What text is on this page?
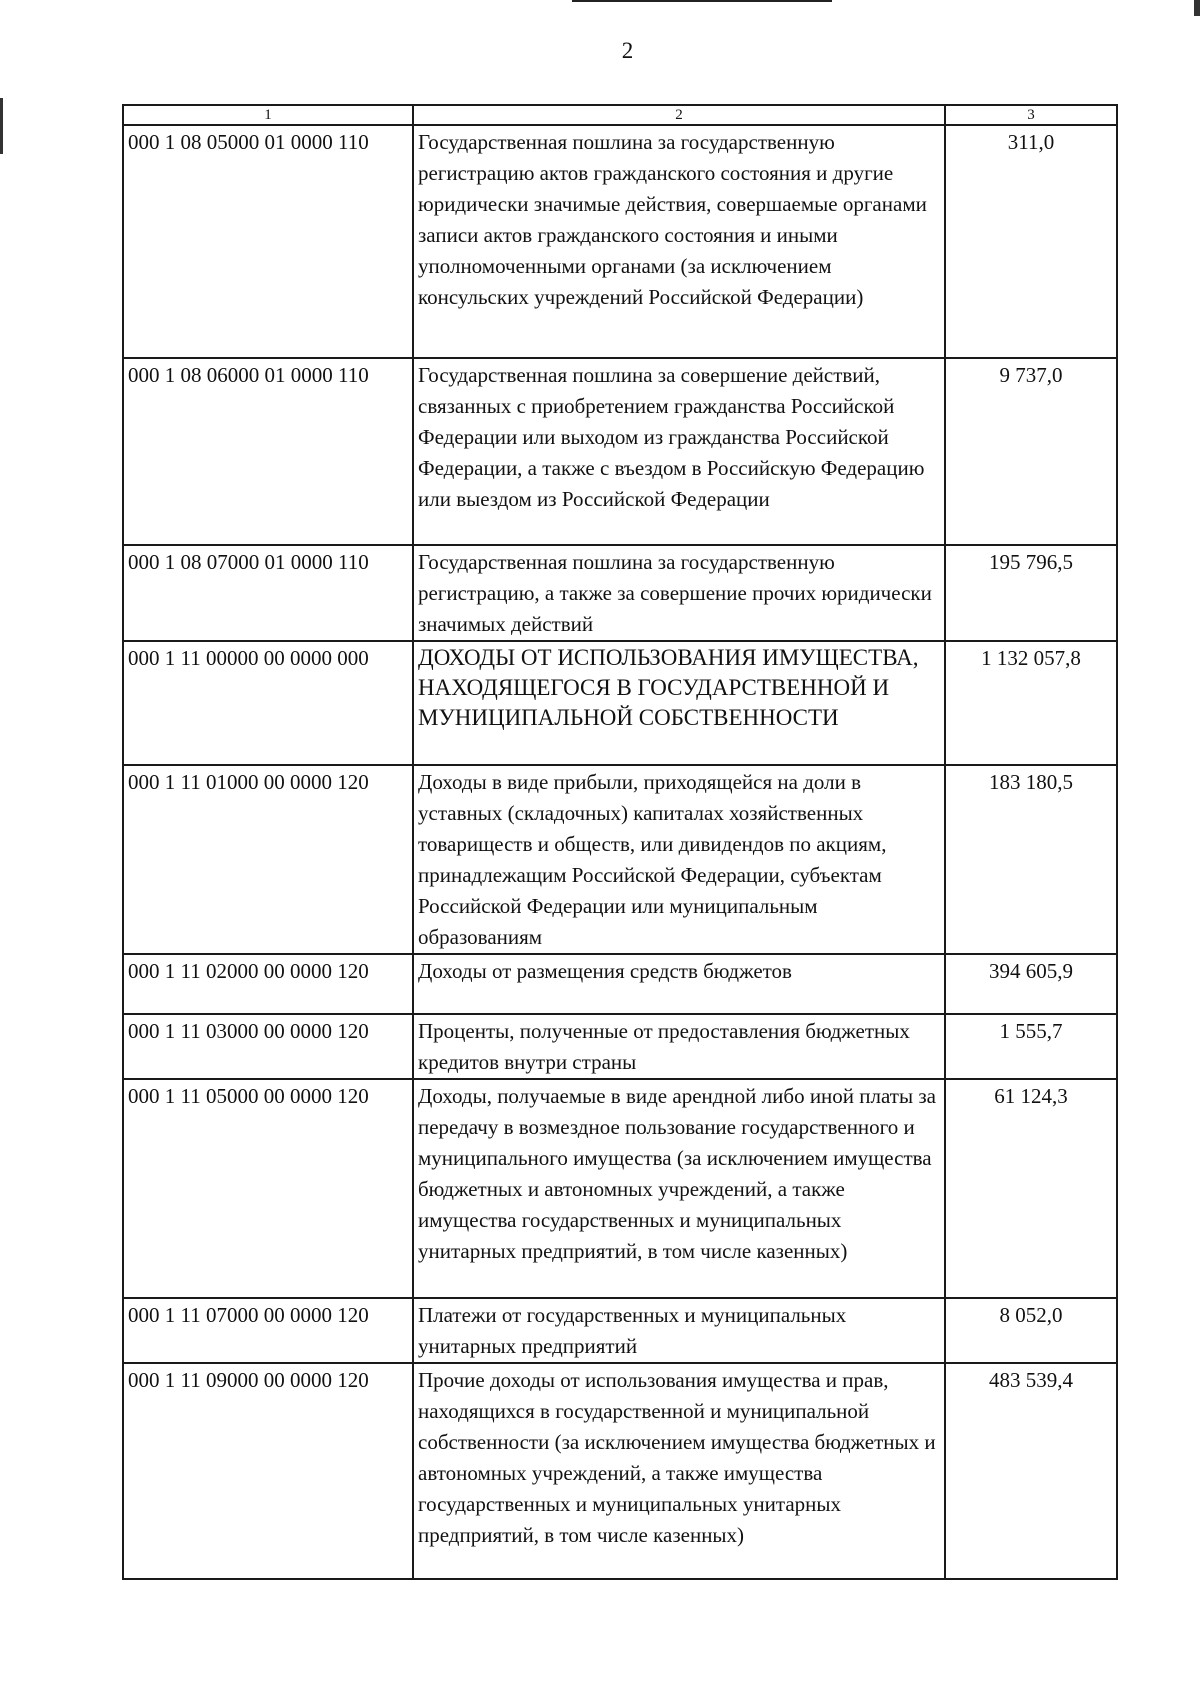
2
1	2	3
000 1 08 05000 01 0000 110	Государственная пошлина за государственную регистрацию актов гражданского состояния и другие юридически значимые действия, совершаемые органами записи актов гражданского состояния и иными уполномоченными органами (за исключением консульских учреждений Российской Федерации)	311,0
000 1 08 06000 01 0000 110	Государственная пошлина за совершение действий, связанных с приобретением гражданства Российской Федерации или выходом из гражданства Российской Федерации, а также с въездом в Российскую Федерацию или выездом из Российской Федерации	9 737,0
000 1 08 07000 01 0000 110	Государственная пошлина за государственную регистрацию, а также за совершение прочих юридически значимых действий	195 796,5
000 1 11 00000 00 0000 000	ДОХОДЫ ОТ ИСПОЛЬЗОВАНИЯ ИМУЩЕСТВА, НАХОДЯЩЕГОСЯ В ГОСУДАРСТВЕННОЙ И МУНИЦИПАЛЬНОЙ СОБСТВЕННОСТИ	1 132 057,8
000 1 11 01000 00 0000 120	Доходы в виде прибыли, приходящейся на доли в уставных (складочных) капиталах хозяйственных товариществ и обществ, или дивидендов по акциям, принадлежащим Российской Федерации, субъектам Российской Федерации или муниципальным образованиям	183 180,5
000 1 11 02000 00 0000 120	Доходы от размещения средств бюджетов	394 605,9
000 1 11 03000 00 0000 120	Проценты, полученные от предоставления бюджетных кредитов внутри страны	1 555,7
000 1 11 05000 00 0000 120	Доходы, получаемые в виде арендной либо иной платы за передачу в возмездное пользование государственного и муниципального имущества (за исключением имущества бюджетных и автономных учреждений, а также имущества государственных и муниципальных унитарных предприятий, в том числе казенных)	61 124,3
000 1 11 07000 00 0000 120	Платежи от государственных и муниципальных унитарных предприятий	8 052,0
000 1 11 09000 00 0000 120	Прочие доходы от использования имущества и прав, находящихся в государственной и муниципальной собственности (за исключением имущества бюджетных и автономных учреждений, а также имущества государственных и муниципальных унитарных предприятий, в том числе казенных)	483 539,4
